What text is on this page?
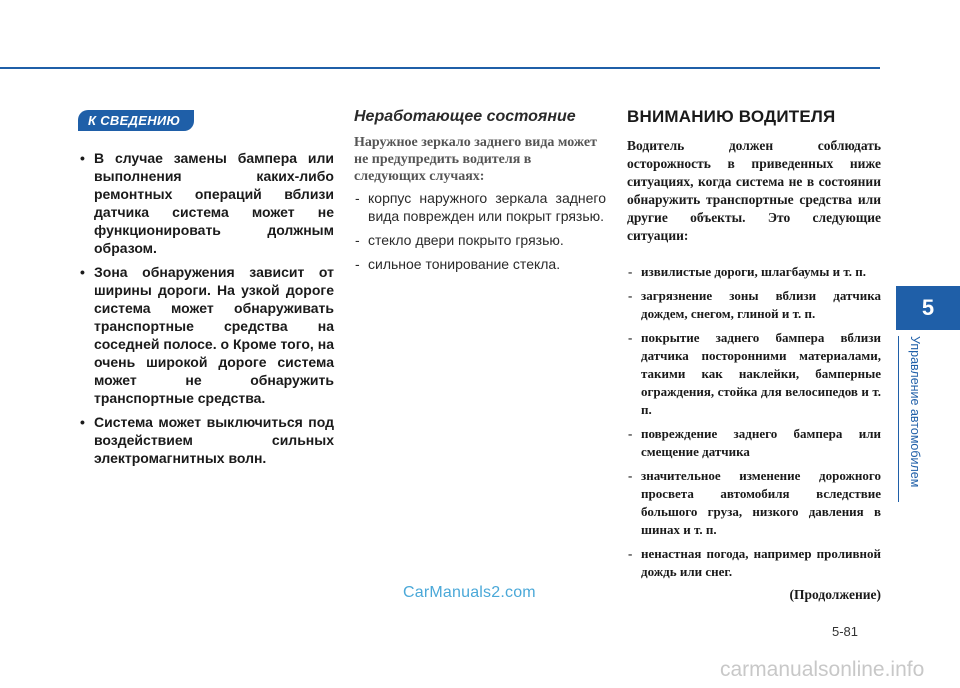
К СВЕДЕНИЮ
• В случае замены бампера или выполнения каких-либо ремонтных операций вблизи датчика система может не функционировать должным образом.
• Зона обнаружения зависит от ширины дороги. На узкой дороге система может обнаруживать транспортные средства на соседней полосе. о Кроме того, на очень широкой дороге система может не обнаружить транспортные средства.
• Система может выключиться под воздействием сильных электромагнитных волн.
Неработающее состояние
Наружное зеркало заднего вида может не предупредить водителя в следующих случаях:
- корпус наружного зеркала заднего вида поврежден или покрыт грязью.
- стекло двери покрыто грязью.
- сильное тонирование стекла.
ВНИМАНИЮ ВОДИТЕЛЯ
Водитель должен соблюдать осторожность в приведенных ниже ситуациях, когда система не в состоянии обнаружить транспортные средства или другие объекты. Это следующие ситуации:
- извилистые дороги, шлагбаумы и т. п.
- загрязнение зоны вблизи датчика дождем, снегом, глиной и т. п.
- покрытие заднего бампера вблизи датчика посторонними материалами, такими как наклейки, бамперные ограждения, стойка для велосипедов и т. п.
- повреждение заднего бампера или смещение датчика
- значительное изменение дорожного просвета автомобиля вследствие большого груза, низкого давления в шинах и т. п.
- ненастная погода, например проливной дождь или снег.
(Продолжение)
5
Управление автомобилем
CarManuals2.com
5-81
carmanualsonline.info
